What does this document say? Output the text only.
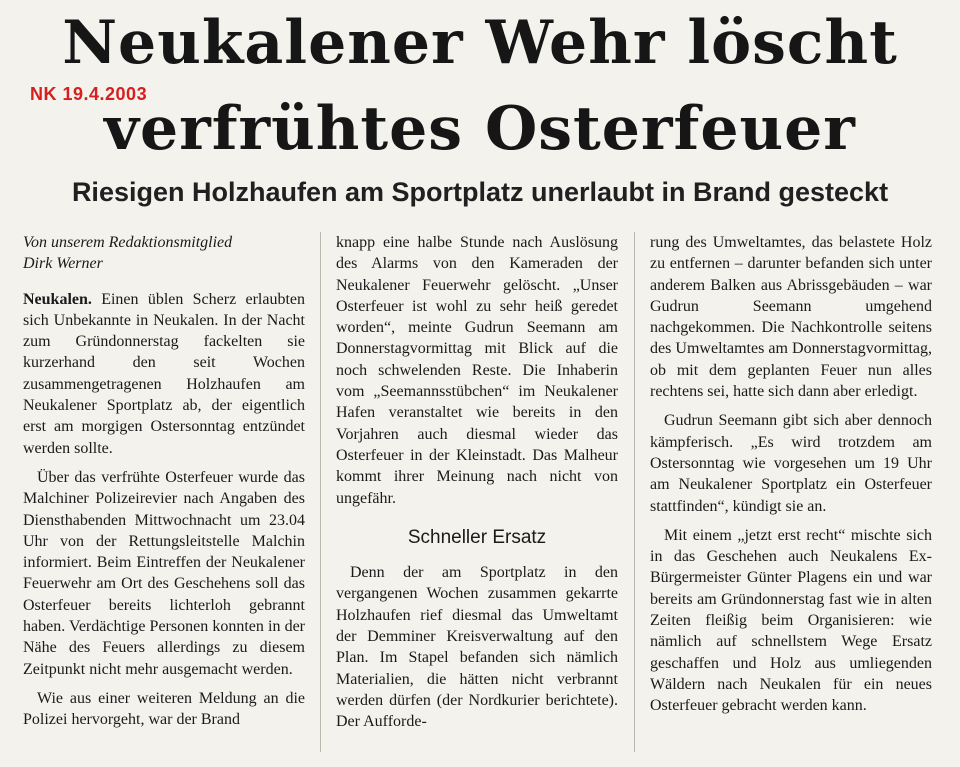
Neukalener Wehr löscht
NK 19.4.2003
verfrühtes Osterfeuer
Riesigen Holzhaufen am Sportplatz unerlaubt in Brand gesteckt

Von unserem Redaktionsmitglied
Dirk Werner

Neukalen. Einen üblen Scherz erlaubten sich Unbekannte in Neukalen. In der Nacht zum Gründonnerstag fackelten sie kurzerhand den seit Wochen zusammengetragenen Holzhaufen am Neukalener Sportplatz ab, der eigentlich erst am morgigen Ostersonntag entzündet werden sollte.

Über das verfrühte Osterfeuer wurde das Malchiner Polizeirevier nach Angaben des Diensthabenden Mittwochnacht um 23.04 Uhr von der Rettungsleitstelle Malchin informiert. Beim Eintreffen der Neukalener Feuerwehr am Ort des Geschehens soll das Osterfeuer bereits lichterloh gebrannt haben. Verdächtige Personen konnten in der Nähe des Feuers allerdings zu diesem Zeitpunkt nicht mehr ausgemacht werden.

Wie aus einer weiteren Meldung an die Polizei hervorgeht, war der Brand

knapp eine halbe Stunde nach Auslösung des Alarms von den Kameraden der Neukalener Feuerwehr gelöscht. „Unser Osterfeuer ist wohl zu sehr heiß geredet worden“, meinte Gudrun Seemann am Donnerstagvormittag mit Blick auf die noch schwelenden Reste. Die Inhaberin vom „Seemannsstübchen“ im Neukalener Hafen veranstaltet wie bereits in den Vorjahren auch diesmal wieder das Osterfeuer in der Kleinstadt. Das Malheur kommt ihrer Meinung nach nicht von ungefähr.

Schneller Ersatz

Denn der am Sportplatz in den vergangenen Wochen zusammen gekarrte Holzhaufen rief diesmal das Umweltamt der Demminer Kreisverwaltung auf den Plan. Im Stapel befanden sich nämlich Materialien, die hätten nicht verbrannt werden dürfen (der Nordkurier berichtete). Der Aufforde-

rung des Umweltamtes, das belastete Holz zu entfernen – darunter befanden sich unter anderem Balken aus Abrissgebäuden – war Gudrun Seemann umgehend nachgekommen. Die Nachkontrolle seitens des Umweltamtes am Donnerstagvormittag, ob mit dem geplanten Feuer nun alles rechtens sei, hatte sich dann aber erledigt.

Gudrun Seemann gibt sich aber dennoch kämpferisch. „Es wird trotzdem am Ostersonntag wie vorgesehen um 19 Uhr am Neukalener Sportplatz ein Osterfeuer stattfinden“, kündigt sie an.

Mit einem „jetzt erst recht“ mischte sich in das Geschehen auch Neukalens Ex-Bürgermeister Günter Plagens ein und war bereits am Gründonnerstag fast wie in alten Zeiten fleißig beim Organisieren: wie nämlich auf schnellstem Wege Ersatz geschaffen und Holz aus umliegenden Wäldern nach Neukalen für ein neues Osterfeuer gebracht werden kann.
